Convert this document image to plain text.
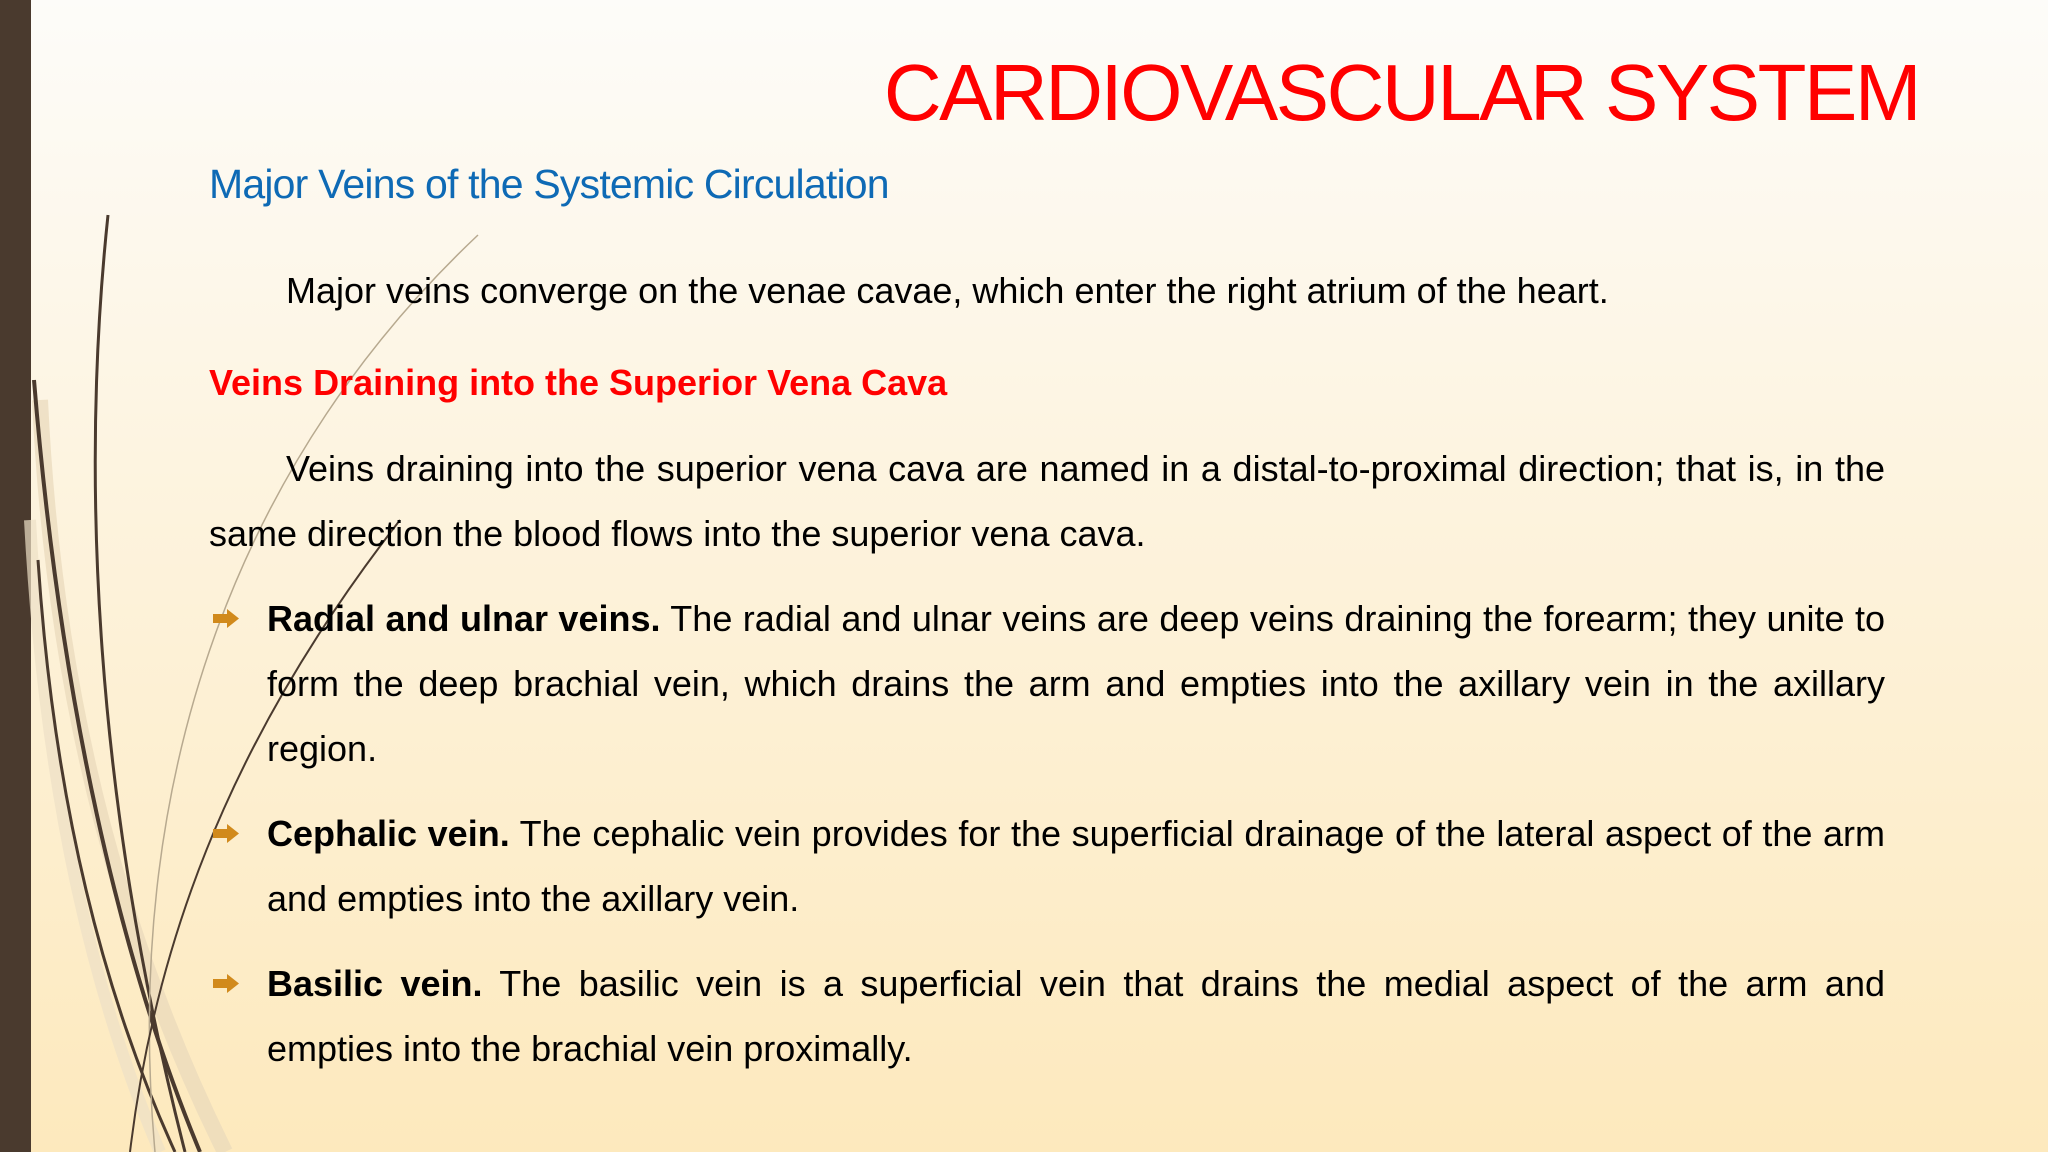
CARDIOVASCULAR SYSTEM
Major Veins of the Systemic Circulation

Major veins converge on the venae cavae, which enter the right atrium of the heart.

Veins Draining into the Superior Vena Cava

Veins draining into the superior vena cava are named in a distal-to-proximal direction; that is, in the same direction the blood flows into the superior vena cava.

Radial and ulnar veins. The radial and ulnar veins are deep veins draining the forearm; they unite to form the deep brachial vein, which drains the arm and empties into the axillary vein in the axillary region.
Cephalic vein. The cephalic vein provides for the superficial drainage of the lateral aspect of the arm and empties into the axillary vein.
Basilic vein. The basilic vein is a superficial vein that drains the medial aspect of the arm and empties into the brachial vein proximally.
